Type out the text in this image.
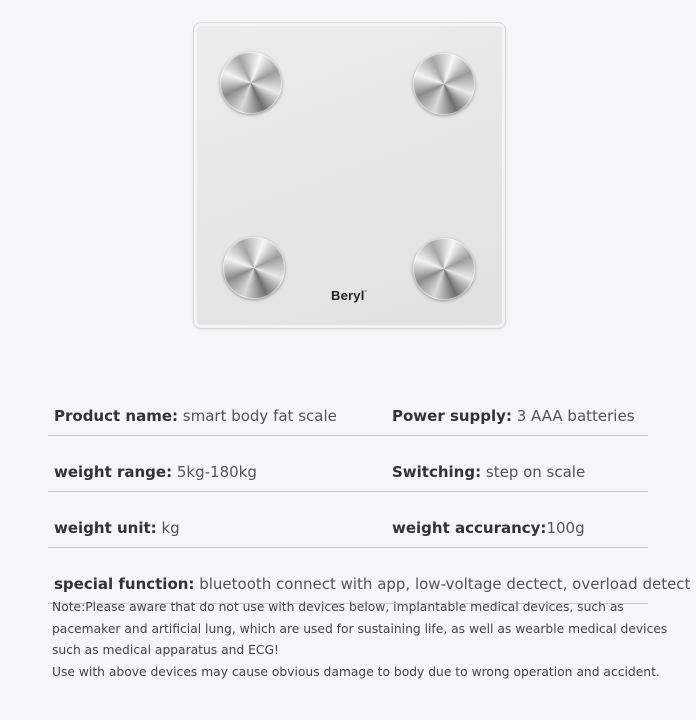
Beryl°
Product name: smart body fat scale	Power supply: 3 AAA batteries
weight range: 5kg-180kg	Switching: step on scale
weight unit: kg	weight accurancy:100g
special function: bluetooth connect with app, low-voltage dectect, overload detect

Note:Please aware that do not use with devices below, implantable medical devices, such as pacemaker and artificial lung, which are used for sustaining life, as well as wearble medical devices such as medical apparatus and ECG!

Use with above devices may cause obvious damage to body due to wrong operation and accident.
